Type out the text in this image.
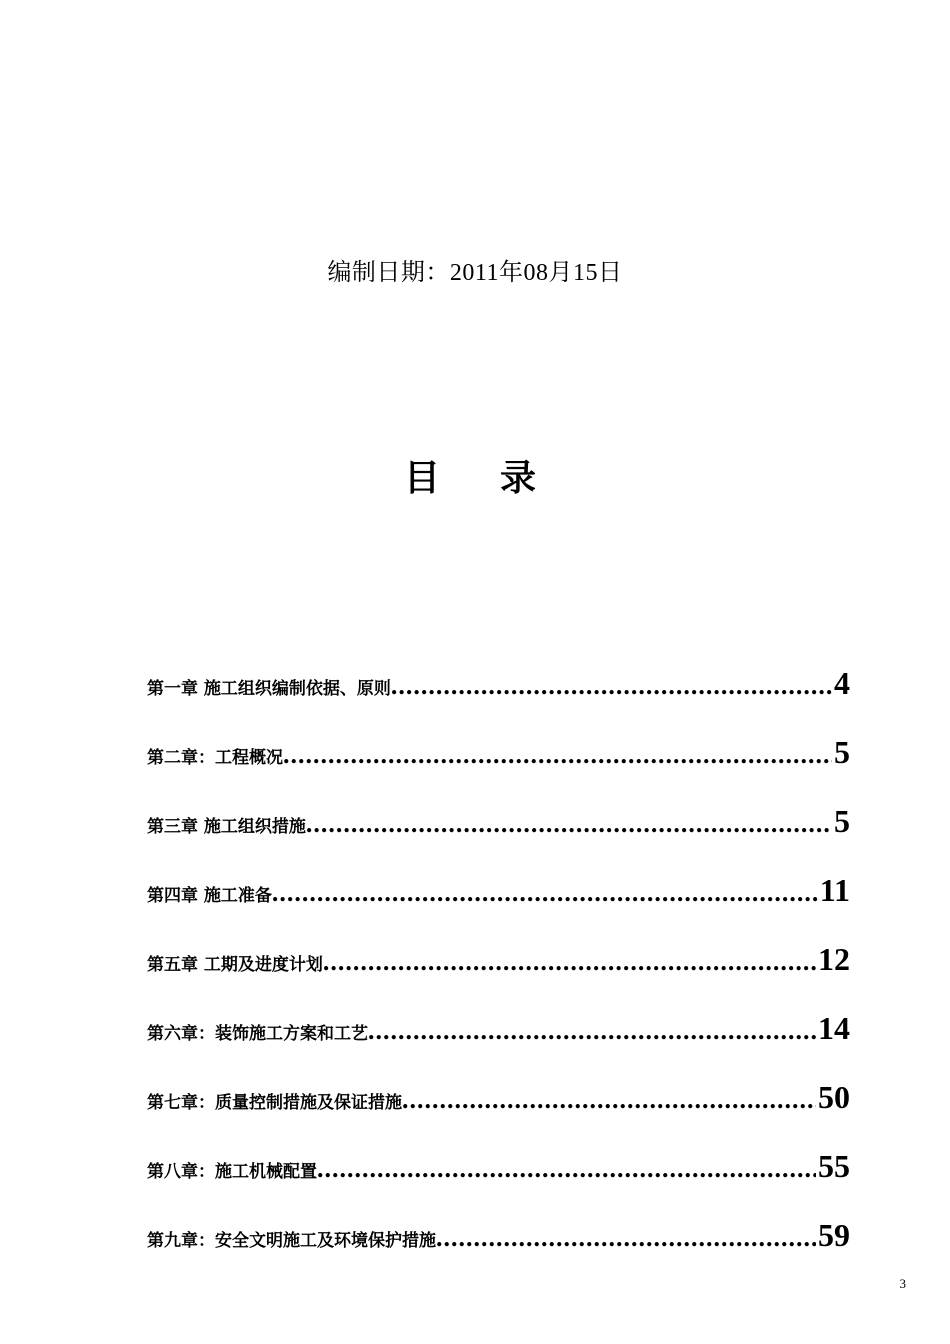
编制日期：2011年08月15日
目录
第一章 施工组织编制依据、原则 .....	4
第二章：工程概况 .....	5
第三章 施工组织措施 .....	5
第四章 施工准备 .....	11
第五章 工期及进度计划 .....	12
第六章：装饰施工方案和工艺 .....	14
第七章：质量控制措施及保证措施 .....	50
第八章：施工机械配置 .....	55
第九章：安全文明施工及环境保护措施 .....	59
3
